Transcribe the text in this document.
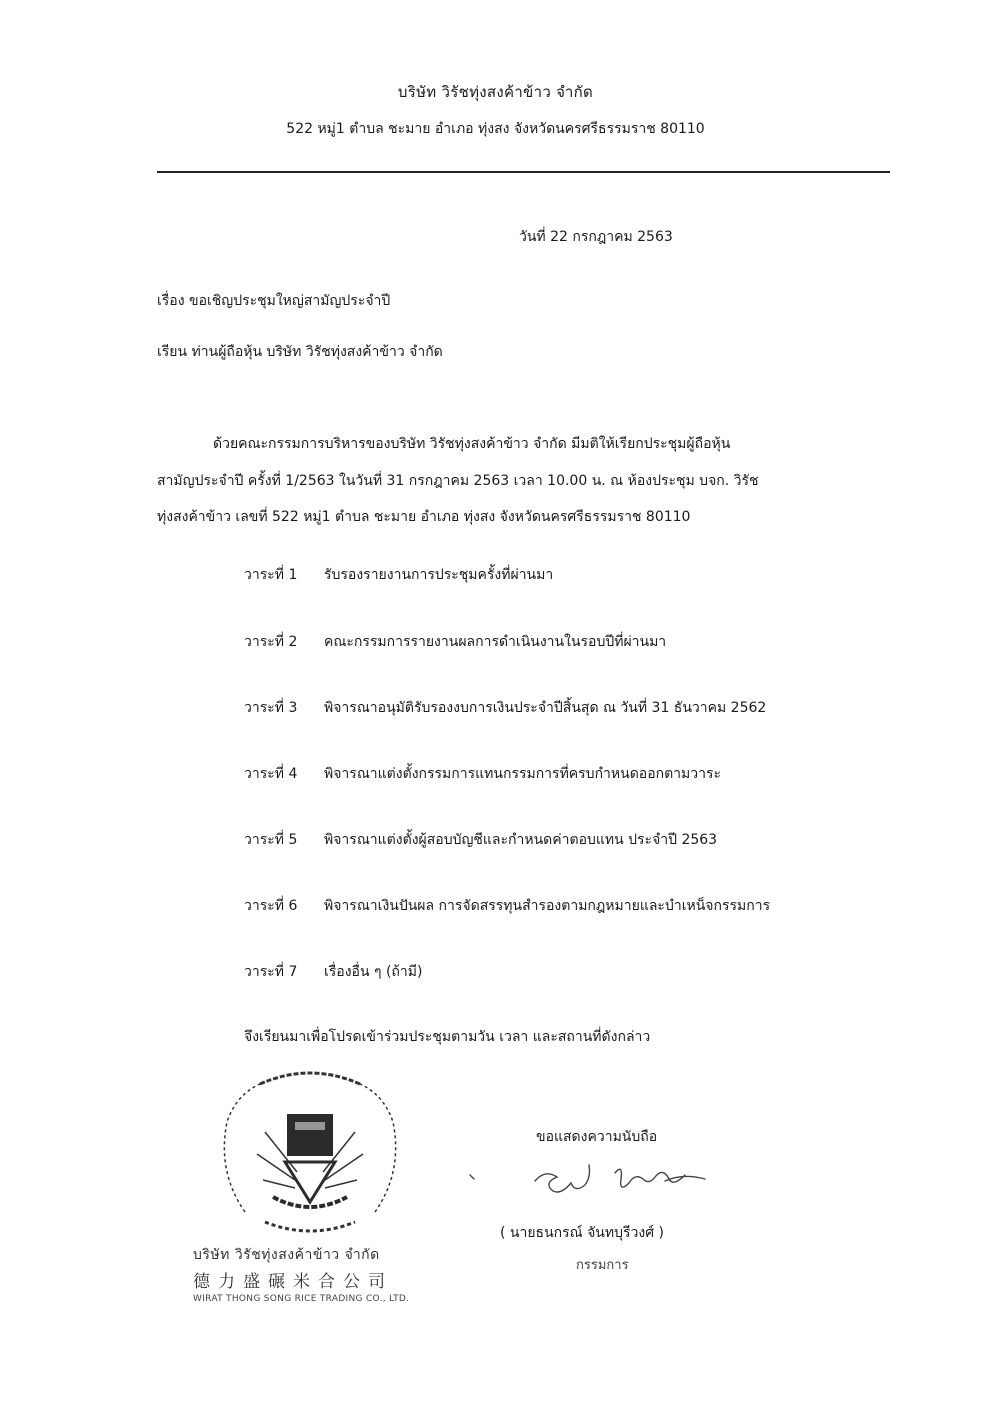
บริษัท วิรัชทุ่งสงค้าข้าว จำกัด
522 หมู่1 ตำบล ชะมาย อำเภอ ทุ่งสง จังหวัดนครศรีธรรมราช 80110
วันที่ 22 กรกฎาคม 2563
เรื่อง ขอเชิญประชุมใหญ่สามัญประจำปี
เรียน ท่านผู้ถือหุ้น บริษัท วิรัชทุ่งสงค้าข้าว จำกัด
ด้วยคณะกรรมการบริหารของบริษัท วิรัชทุ่งสงค้าข้าว จำกัด มีมติให้เรียกประชุมผู้ถือหุ้น
สามัญประจำปี ครั้งที่ 1/2563 ในวันที่ 31 กรกฎาคม 2563 เวลา 10.00 น. ณ ห้องประชุม บจก. วิรัช
ทุ่งสงค้าข้าว เลขที่ 522 หมู่1 ตำบล ชะมาย อำเภอ ทุ่งสง จังหวัดนครศรีธรรมราช 80110
วาระที่ 1 รับรองรายงานการประชุมครั้งที่ผ่านมา
วาระที่ 2 คณะกรรมการรายงานผลการดำเนินงานในรอบปีที่ผ่านมา
วาระที่ 3 พิจารณาอนุมัติรับรองงบการเงินประจำปีสิ้นสุด ณ วันที่ 31 ธันวาคม 2562
วาระที่ 4 พิจารณาแต่งตั้งกรรมการแทนกรรมการที่ครบกำหนดออกตามวาระ
วาระที่ 5 พิจารณาแต่งตั้งผู้สอบบัญชีและกำหนดค่าตอบแทน ประจำปี 2563
วาระที่ 6 พิจารณาเงินปันผล การจัดสรรทุนสำรองตามกฎหมายและบำเหน็จกรรมการ
วาระที่ 7 เรื่องอื่น ๆ (ถ้ามี)
จึงเรียนมาเพื่อโปรดเข้าร่วมประชุมตามวัน เวลา และสถานที่ดังกล่าว
บริษัท วิรัชทุ่งสงค้าข้าว จำกัด
德力盛碾米合公司
WIRAT THONG SONG RICE TRADING CO., LTD.
ขอแสดงความนับถือ
( นายธนกรณ์ จันทบุรีวงศ์ )
กรรมการ
